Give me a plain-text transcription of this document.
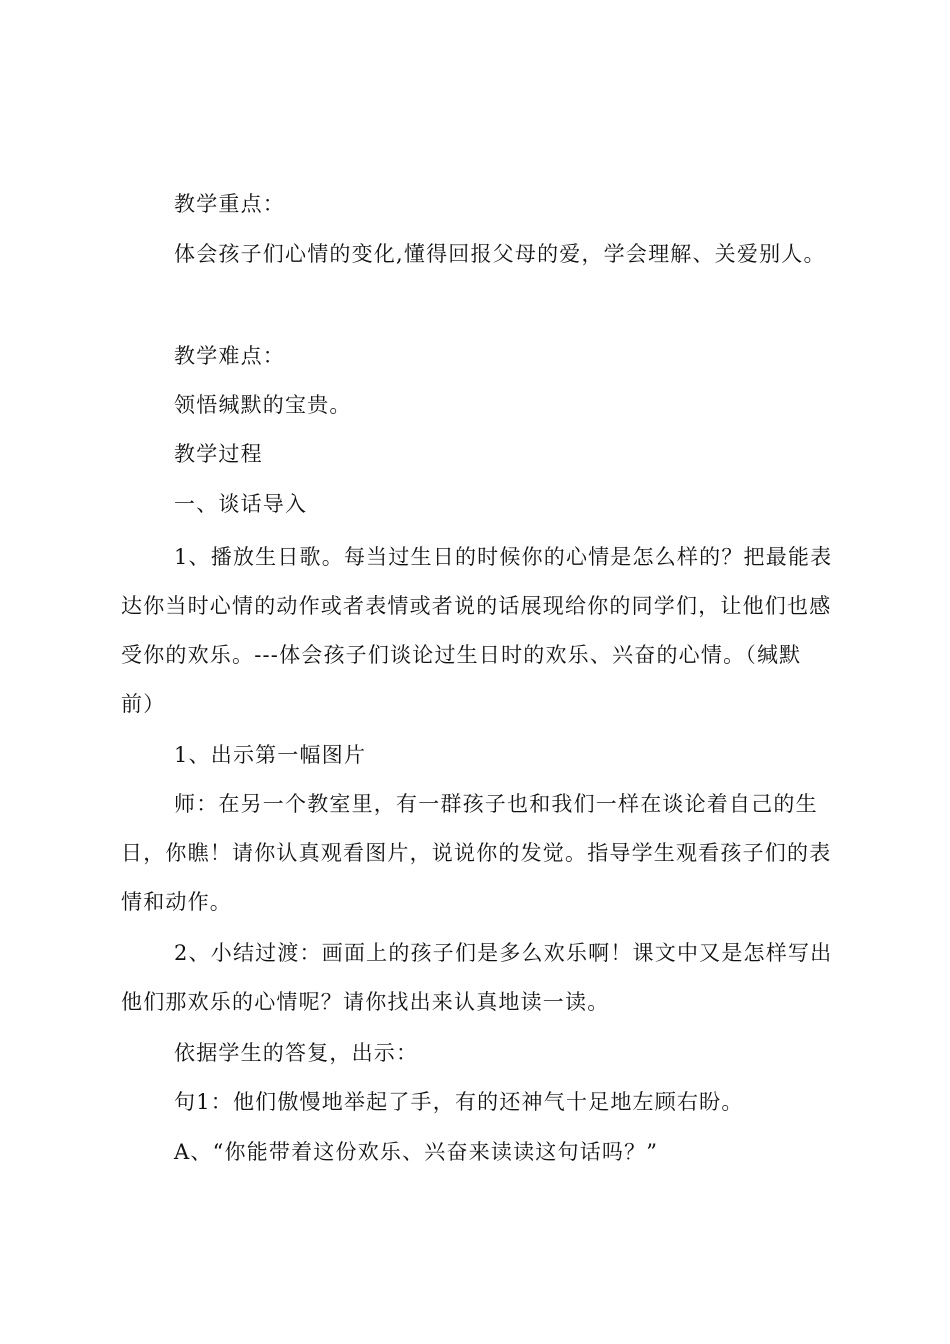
教学重点：

体会孩子们心情的变化,懂得回报父母的爱，学会理解、关爱别人。

教学难点：

领悟缄默的宝贵。

教学过程

一、谈话导入

1、播放生日歌。每当过生日的时候你的心情是怎么样的？把最能表达你当时心情的动作或者表情或者说的话展现给你的同学们，让他们也感受你的欢乐。---体会孩子们谈论过生日时的欢乐、兴奋的心情。（缄默前）

1、出示第一幅图片

师：在另一个教室里，有一群孩子也和我们一样在谈论着自己的生日，你瞧！请你认真观看图片，说说你的发觉。指导学生观看孩子们的表情和动作。

2、小结过渡：画面上的孩子们是多么欢乐啊！课文中又是怎样写出他们那欢乐的心情呢？请你找出来认真地读一读。

依据学生的答复，出示：

句1：他们傲慢地举起了手，有的还神气十足地左顾右盼。

A、“你能带着这份欢乐、兴奋来读读这句话吗？”
